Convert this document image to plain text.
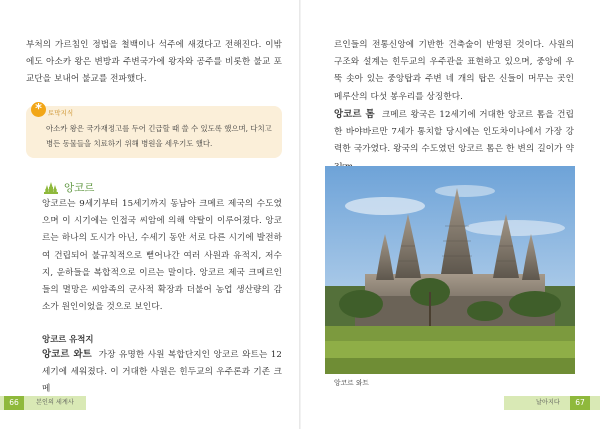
부처의 가르침인 정법을 철백이나 석주에 새겼다고 전해진다. 이밖에도 아소카 왕은 변방과 주변국가에 왕자와 공주를 비롯한 불교 포교단을 보내어 불교를 전파했다.

* 토막지식
아소카 왕은 국가재정고를 두어 긴급할 때 쓸 수 있도록 했으며, 다치고 병든 동물들을 치료하기 위해 병원을 세우기도 했다.
앙코르

앙코르는 9세기부터 15세기까지 동남아 크메르 제국의 수도였으며 이 시기에는 인접국 씨암에 의해 약탈이 이루어졌다. 앙코르는 하나의 도시가 아닌, 수세기 동안 서로 다른 시기에 발전하여 건립되어 불규칙적으로 뻗어나간 여러 사원과 유적지, 저수지, 운하들을 복합적으로 이르는 말이다. 앙코르 제국 크메르인들의 멸망은 씨암족의 군사적 확장과 더불어 농업 생산량의 감소가 원인이었을 것으로 보인다.

앙코르 유적지

앙코르 와트 가장 유명한 사원 복합단지인 앙코르 와트는 12세기에 세워졌다. 이 거대한 사원은 힌두교의 우주론과 기존 크메

66	본인의 세계사

르인들의 전통신앙에 기반한 건축술이 반영된 것이다. 사원의 구조와 설계는 힌두교의 우주관을 표현하고 있으며, 중앙에 우뚝 솟아 있는 중앙탑과 주변 네 개의 탑은 신들이 머무는 곳인 메루산의 다섯 봉우리를 상징한다.

앙코르 톰 크메르 왕국은 12세기에 거대한 앙코르 톰을 건립한 바야바르만 7세가 통치할 당시에는 인도차이나에서 가장 강력한 국가였다. 왕국의 수도였던 앙코르 톰은 한 변의 길이가 약

앙코르 와트
날아지다	67
